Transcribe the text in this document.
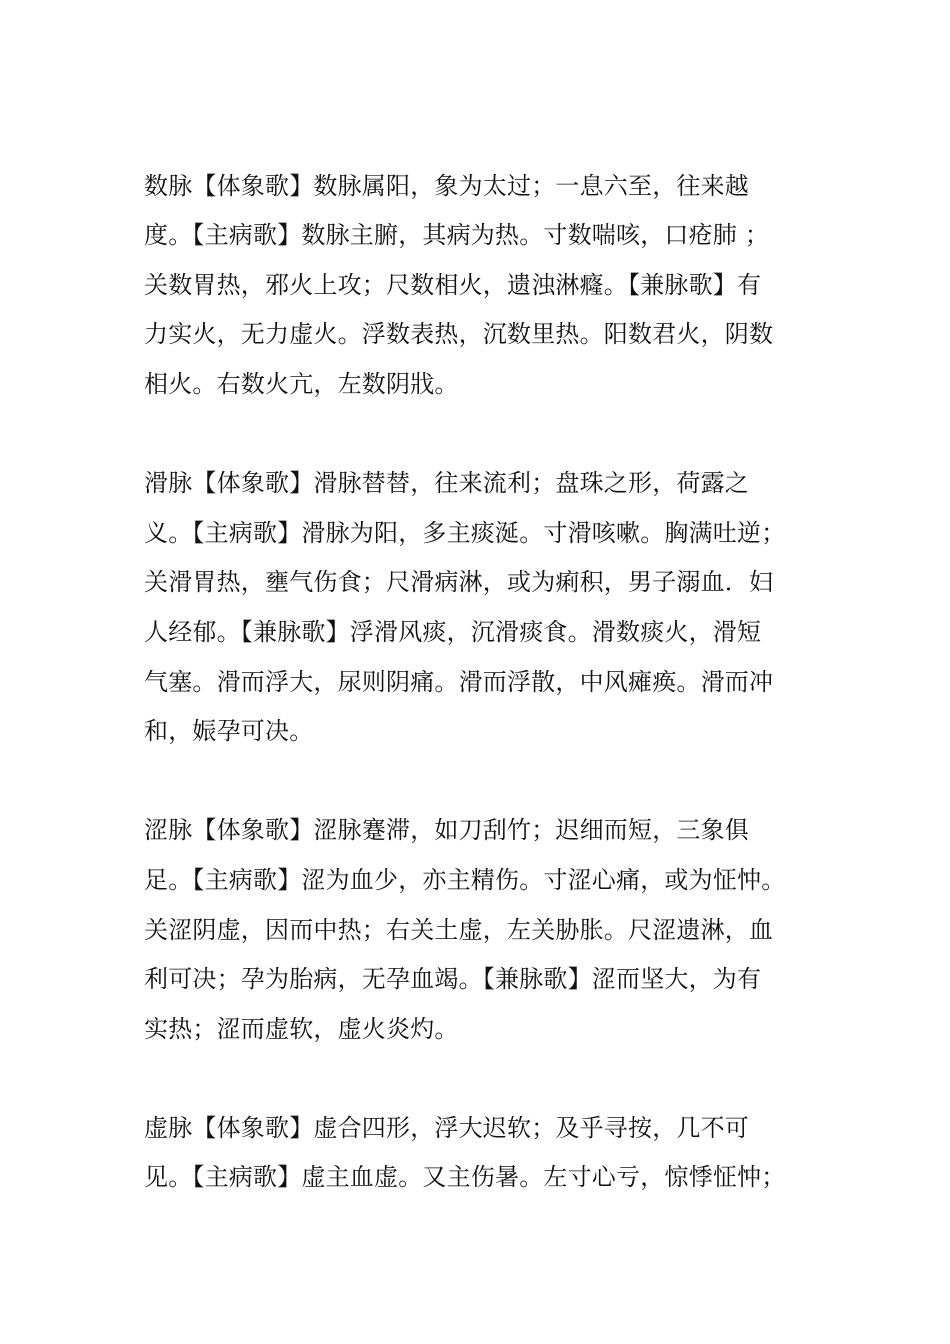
数脉【体象歌】数脉属阳，象为太过；一息六至，往来越
度。【主病歌】数脉主腑，其病为热。寸数喘咳，口疮肺 ；
关数胃热，邪火上攻；尺数相火，遗浊淋癃。【兼脉歌】有
力实火，无力虚火。浮数表热，沉数里热。阳数君火，阴数
相火。右数火亢，左数阴戕。
滑脉【体象歌】滑脉替替，往来流利；盘珠之形，荷露之
义。【主病歌】滑脉为阳，多主痰涎。寸滑咳嗽。胸满吐逆；
关滑胃热，壅气伤食；尺滑病淋，或为痢积，男子溺血．妇
人经郁。【兼脉歌】浮滑风痰，沉滑痰食。滑数痰火，滑短
气塞。滑而浮大，尿则阴痛。滑而浮散，中风瘫痪。滑而冲
和，娠孕可决。
涩脉【体象歌】涩脉蹇滞，如刀刮竹；迟细而短，三象俱
足。【主病歌】涩为血少，亦主精伤。寸涩心痛，或为怔忡。
关涩阴虚，因而中热；右关土虚，左关胁胀。尺涩遗淋，血
利可决；孕为胎病，无孕血竭。【兼脉歌】涩而坚大，为有
实热；涩而虚软，虚火炎灼。
虚脉【体象歌】虚合四形，浮大迟软；及乎寻按，几不可
见。【主病歌】虚主血虚。又主伤暑。左寸心亏，惊悸怔忡；
